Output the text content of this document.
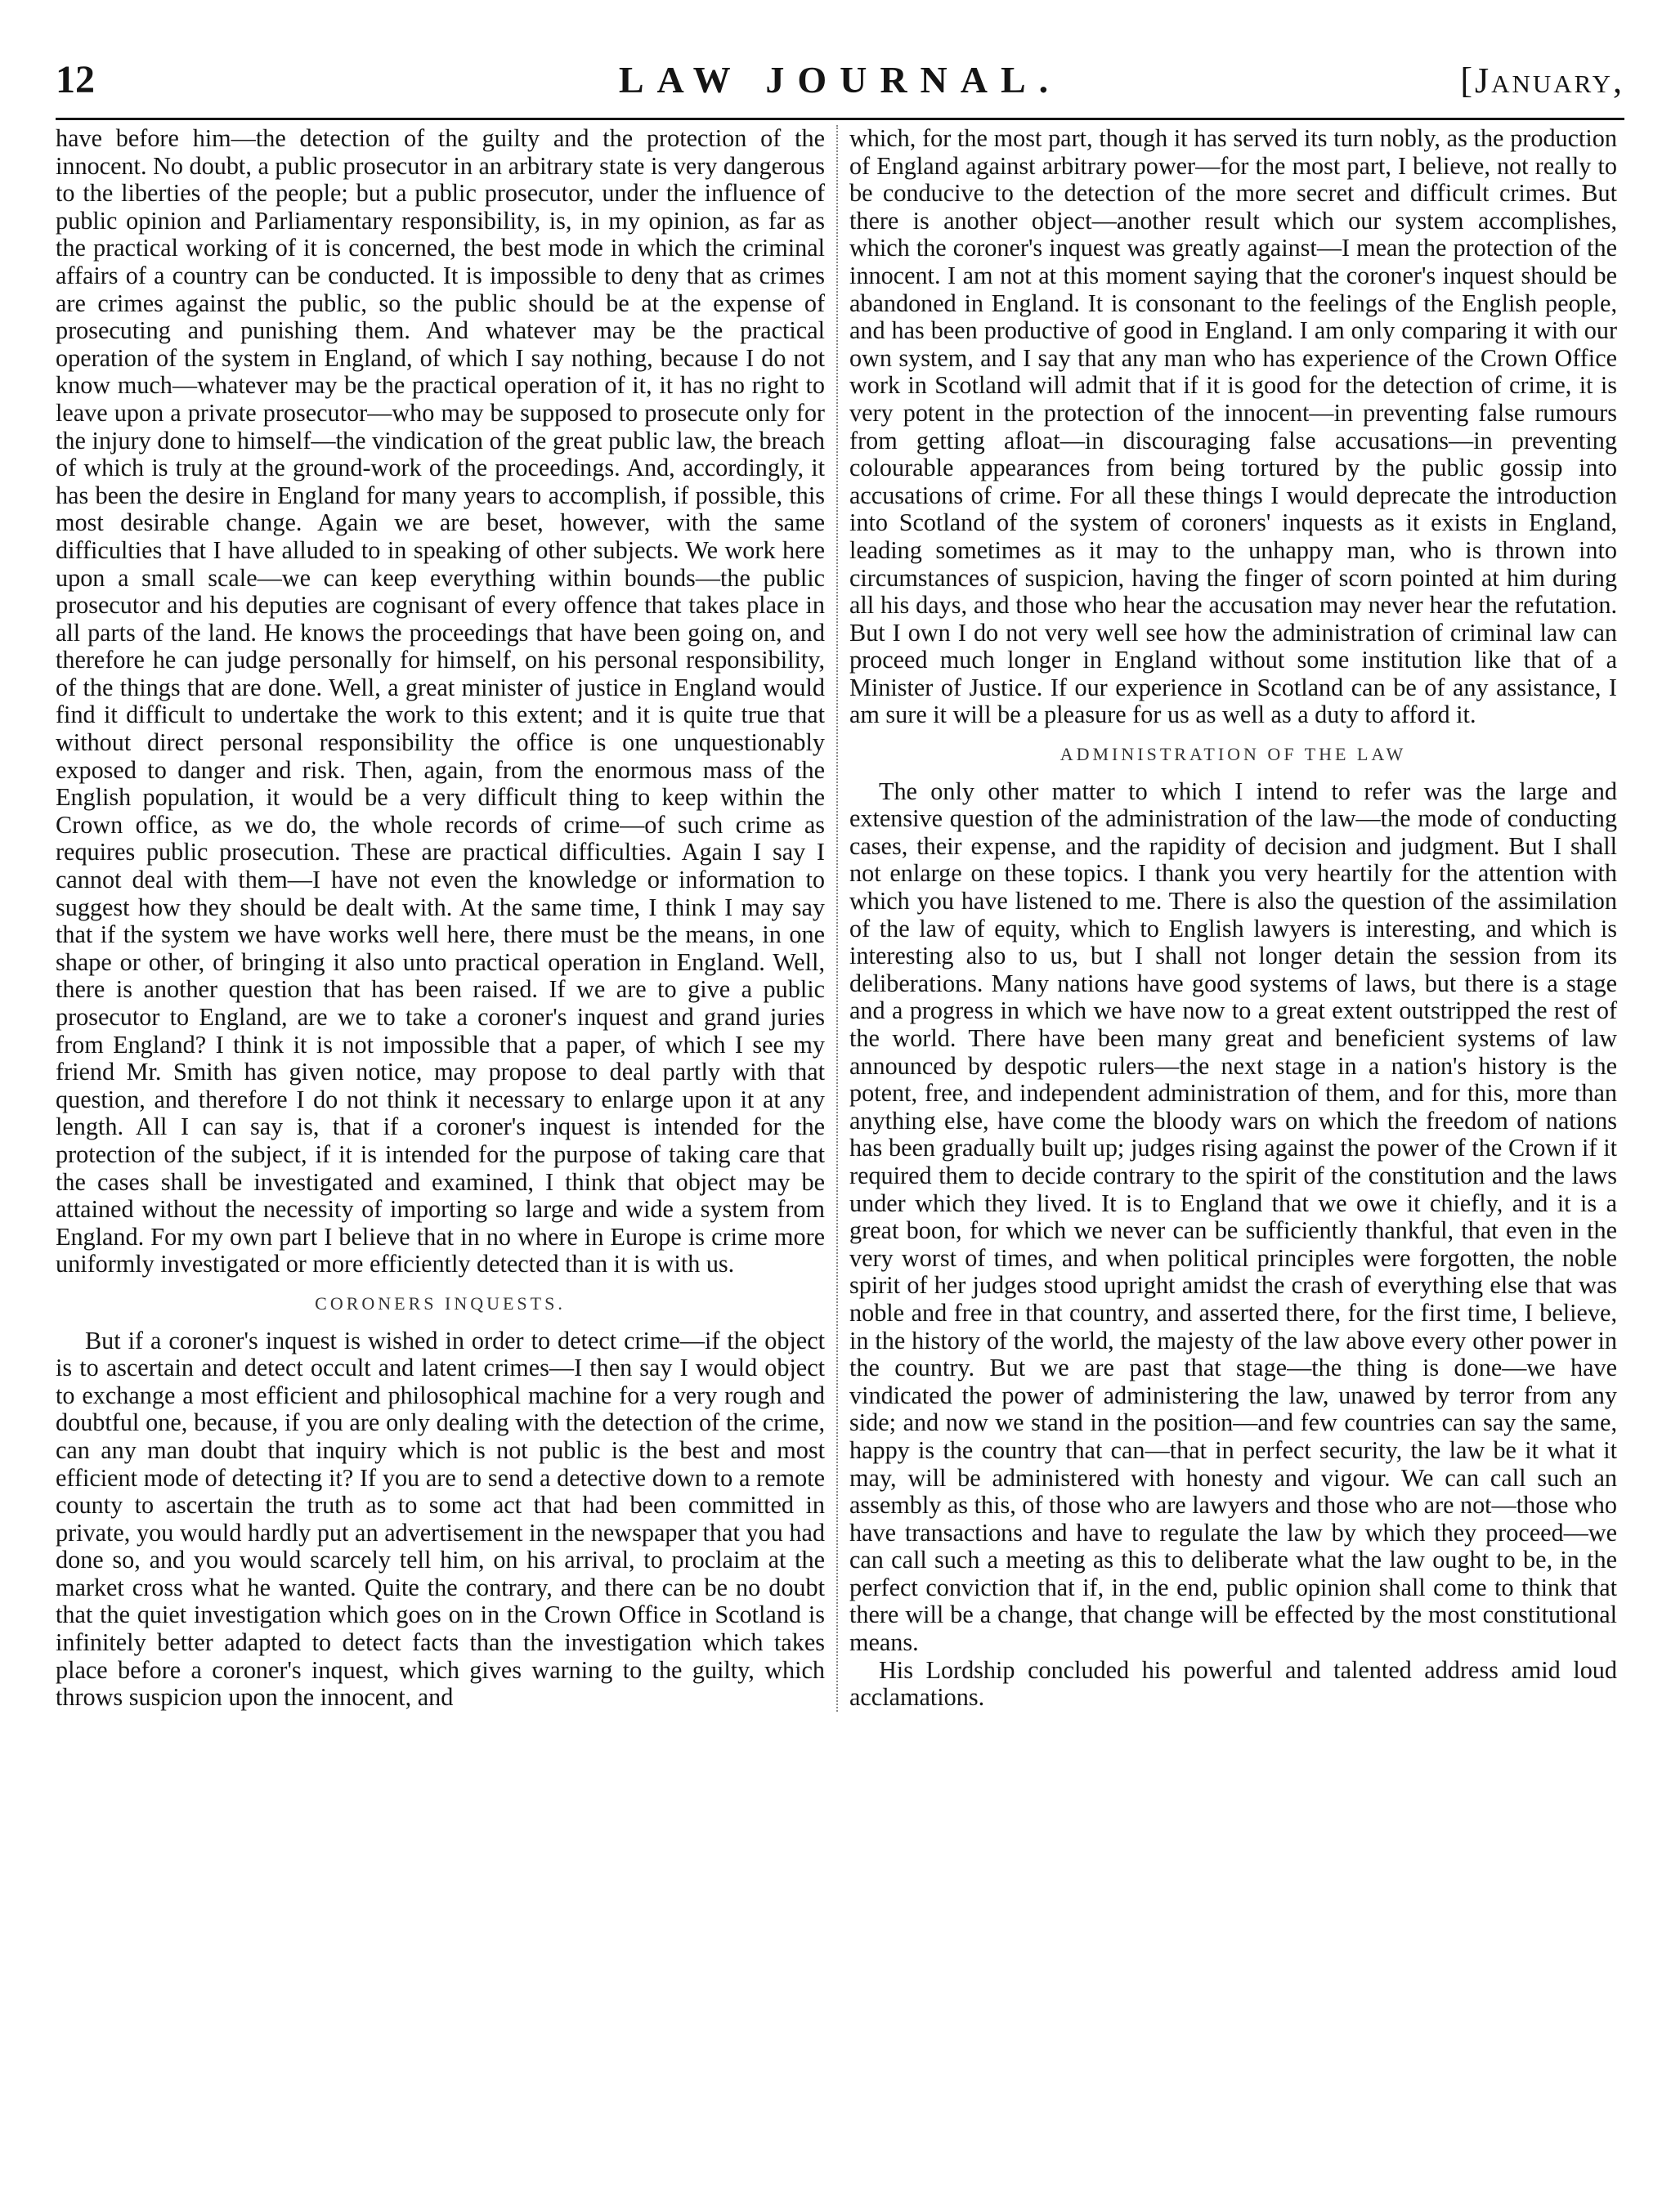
12	LAW JOURNAL.	[January,

have before him—the detection of the guilty and the protection of the innocent. No doubt, a public prosecutor in an arbitrary state is very dangerous to the liberties of the people; but a public prosecutor, under the influence of public opinion and Parliamentary responsibility, is, in my opinion, as far as the practical working of it is concerned, the best mode in which the criminal affairs of a country can be conducted. It is impossible to deny that as crimes are crimes against the public, so the public should be at the expense of prosecuting and punishing them. And whatever may be the practical operation of the system in England, of which I say nothing, because I do not know much—whatever may be the practical operation of it, it has no right to leave upon a private prosecutor—who may be supposed to prosecute only for the injury done to himself—the vindication of the great public law, the breach of which is truly at the ground-work of the proceedings. And, accordingly, it has been the desire in England for many years to accomplish, if possible, this most desirable change. Again we are beset, however, with the same difficulties that I have alluded to in speaking of other subjects. We work here upon a small scale—we can keep everything within bounds—the public prosecutor and his deputies are cognisant of every offence that takes place in all parts of the land. He knows the proceedings that have been going on, and therefore he can judge personally for himself, on his personal responsibility, of the things that are done. Well, a great minister of justice in England would find it difficult to undertake the work to this extent; and it is quite true that without direct personal responsibility the office is one unquestionably exposed to danger and risk. Then, again, from the enormous mass of the English population, it would be a very difficult thing to keep within the Crown office, as we do, the whole records of crime—of such crime as requires public prosecution. These are practical difficulties. Again I say I cannot deal with them—I have not even the knowledge or information to suggest how they should be dealt with. At the same time, I think I may say that if the system we have works well here, there must be the means, in one shape or other, of bringing it also unto practical operation in England. Well, there is another question that has been raised. If we are to give a public prosecutor to England, are we to take a coroner's inquest and grand juries from England? I think it is not impossible that a paper, of which I see my friend Mr. Smith has given notice, may propose to deal partly with that question, and therefore I do not think it necessary to enlarge upon it at any length. All I can say is, that if a coroner's inquest is intended for the protection of the subject, if it is intended for the purpose of taking care that the cases shall be investigated and examined, I think that object may be attained without the necessity of importing so large and wide a system from England. For my own part I believe that in no where in Europe is crime more uniformly investigated or more efficiently detected than it is with us.

CORONERS INQUESTS.

But if a coroner's inquest is wished in order to detect crime—if the object is to ascertain and detect occult and latent crimes—I then say I would object to exchange a most efficient and philosophical machine for a very rough and doubtful one, because, if you are only dealing with the detection of the crime, can any man doubt that inquiry which is not public is the best and most efficient mode of detecting it? If you are to send a detective down to a remote county to ascertain the truth as to some act that had been committed in private, you would hardly put an advertisement in the newspaper that you had done so, and you would scarcely tell him, on his arrival, to proclaim at the market cross what he wanted. Quite the contrary, and there can be no doubt that the quiet investigation which goes on in the Crown Office in Scotland is infinitely better adapted to detect facts than the investigation which takes place before a coroner's inquest, which gives warning to the guilty, which throws suspicion upon the innocent, and

which, for the most part, though it has served its turn nobly, as the production of England against arbitrary power—for the most part, I believe, not really to be conducive to the detection of the more secret and difficult crimes. But there is another object—another result which our system accomplishes, which the coroner's inquest was greatly against—I mean the protection of the innocent. I am not at this moment saying that the coroner's inquest should be abandoned in England. It is consonant to the feelings of the English people, and has been productive of good in England. I am only comparing it with our own system, and I say that any man who has experience of the Crown Office work in Scotland will admit that if it is good for the detection of crime, it is very potent in the protection of the innocent—in preventing false rumours from getting afloat—in discouraging false accusations—in preventing colourable appearances from being tortured by the public gossip into accusations of crime. For all these things I would deprecate the introduction into Scotland of the system of coroners' inquests as it exists in England, leading sometimes as it may to the unhappy man, who is thrown into circumstances of suspicion, having the finger of scorn pointed at him during all his days, and those who hear the accusation may never hear the refutation. But I own I do not very well see how the administration of criminal law can proceed much longer in England without some institution like that of a Minister of Justice. If our experience in Scotland can be of any assistance, I am sure it will be a pleasure for us as well as a duty to afford it.

ADMINISTRATION OF THE LAW

The only other matter to which I intend to refer was the large and extensive question of the administration of the law—the mode of conducting cases, their expense, and the rapidity of decision and judgment. But I shall not enlarge on these topics. I thank you very heartily for the attention with which you have listened to me. There is also the question of the assimilation of the law of equity, which to English lawyers is interesting, and which is interesting also to us, but I shall not longer detain the session from its deliberations. Many nations have good systems of laws, but there is a stage and a progress in which we have now to a great extent outstripped the rest of the world. There have been many great and beneficient systems of law announced by despotic rulers—the next stage in a nation's history is the potent, free, and independent administration of them, and for this, more than anything else, have come the bloody wars on which the freedom of nations has been gradually built up; judges rising against the power of the Crown if it required them to decide contrary to the spirit of the constitution and the laws under which they lived. It is to England that we owe it chiefly, and it is a great boon, for which we never can be sufficiently thankful, that even in the very worst of times, and when political principles were forgotten, the noble spirit of her judges stood upright amidst the crash of everything else that was noble and free in that country, and asserted there, for the first time, I believe, in the history of the world, the majesty of the law above every other power in the country. But we are past that stage—the thing is done—we have vindicated the power of administering the law, unawed by terror from any side; and now we stand in the position—and few countries can say the same, happy is the country that can—that in perfect security, the law be it what it may, will be administered with honesty and vigour. We can call such an assembly as this, of those who are lawyers and those who are not—those who have transactions and have to regulate the law by which they proceed—we can call such a meeting as this to deliberate what the law ought to be, in the perfect conviction that if, in the end, public opinion shall come to think that there will be a change, that change will be effected by the most constitutional means.

His Lordship concluded his powerful and talented address amid loud acclamations.
